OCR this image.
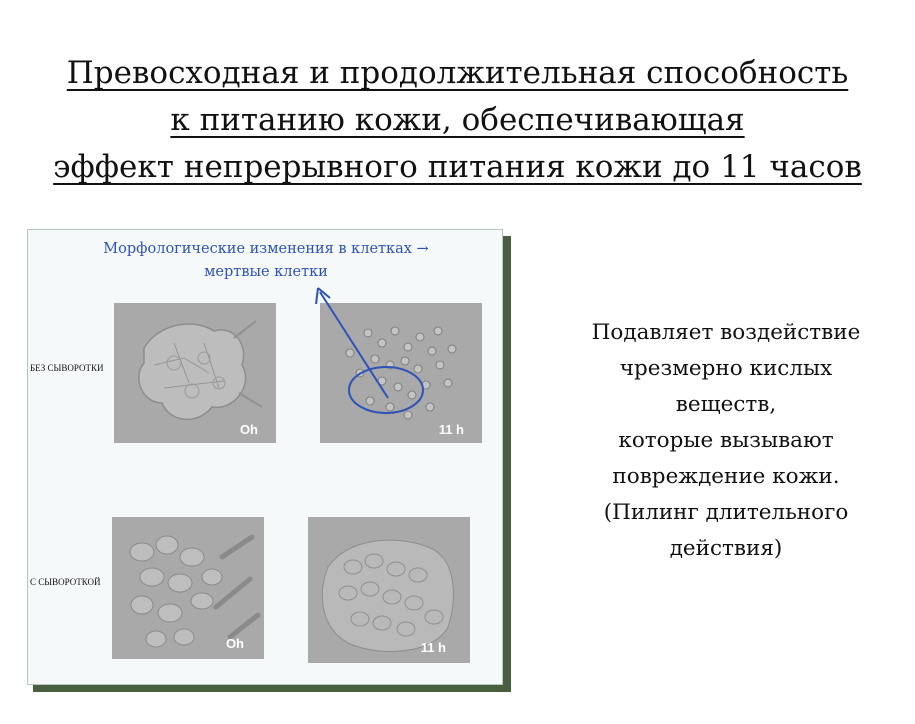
Превосходная и продолжительная способность
к питанию кожи, обеспечивающая
эффект непрерывного питания кожи до 11 часов
Морфологические изменения в клетках →
мертвые клетки
БЕЗ СЫВОРОТКИ
Oh	11 h
С СЫВОРОТКОЙ
Oh	11 h
Подавляет воздействие
чрезмерно кислых
веществ,
которые вызывают
повреждение кожи.
(Пилинг длительного
действия)
